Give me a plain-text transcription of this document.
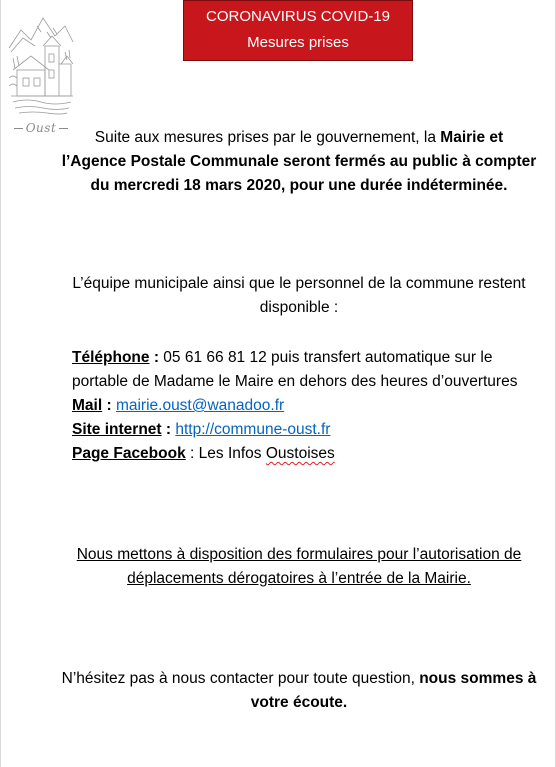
Oust
CORONAVIRUS COVID-19
Mesures prises
Suite aux mesures prises par le gouvernement, la Mairie et l’Agence Postale Communale seront fermés au public à compter du mercredi 18 mars 2020, pour une durée indéterminée.
L’équipe municipale ainsi que le personnel de la commune restent disponible :
Téléphone : 05 61 66 81 12 puis transfert automatique sur le portable de Madame le Maire en dehors des heures d’ouvertures
Mail : mairie.oust@wanadoo.fr
Site internet : http://commune-oust.fr
Page Facebook : Les Infos Oustoises
Nous mettons à disposition des formulaires pour l’autorisation de déplacements dérogatoires à l’entrée de la Mairie.
N’hésitez pas à nous contacter pour toute question, nous sommes à votre écoute.
